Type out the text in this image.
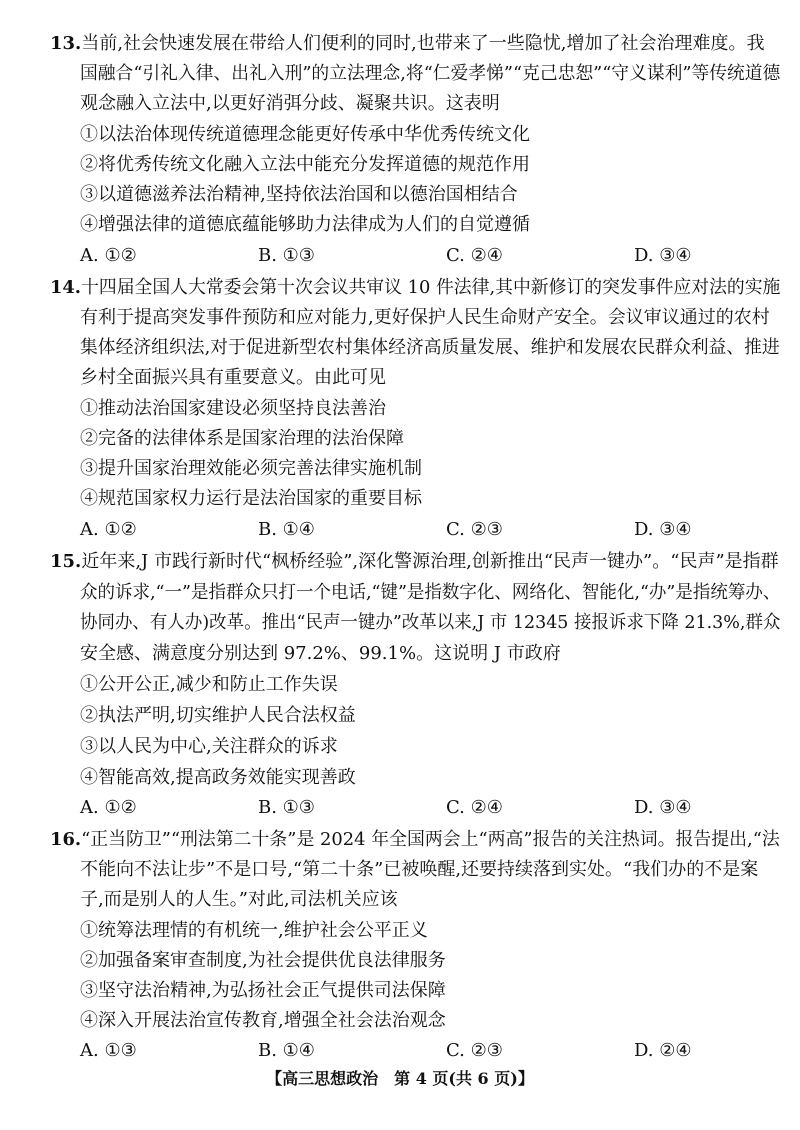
13.当前,社会快速发展在带给人们便利的同时,也带来了一些隐忧,增加了社会治理难度。我
国融合“引礼入律、出礼入刑”的立法理念,将“仁爱孝悌”“克己忠恕”“守义谋利”等传统道德
观念融入立法中,以更好消弭分歧、凝聚共识。这表明
①以法治体现传统道德理念能更好传承中华优秀传统文化
②将优秀传统文化融入立法中能充分发挥道德的规范作用
③以道德滋养法治精神,坚持依法治国和以德治国相结合
④增强法律的道德底蕴能够助力法律成为人们的自觉遵循
A. ①②	B. ①③	C. ②④	D. ③④
14.十四届全国人大常委会第十次会议共审议 10 件法律,其中新修订的突发事件应对法的实施
有利于提高突发事件预防和应对能力,更好保护人民生命财产安全。会议审议通过的农村
集体经济组织法,对于促进新型农村集体经济高质量发展、维护和发展农民群众利益、推进
乡村全面振兴具有重要意义。由此可见
①推动法治国家建设必须坚持良法善治
②完备的法律体系是国家治理的法治保障
③提升国家治理效能必须完善法律实施机制
④规范国家权力运行是法治国家的重要目标
A. ①②	B. ①④	C. ②③	D. ③④
15.近年来,J 市践行新时代“枫桥经验”,深化警源治理,创新推出“民声一键办”。“民声”是指群
众的诉求,“一”是指群众只打一个电话,“键”是指数字化、网络化、智能化,“办”是指统筹办、
协同办、有人办)改革。推出“民声一键办”改革以来,J 市 12345 接报诉求下降 21.3%,群众
安全感、满意度分别达到 97.2%、99.1%。这说明 J 市政府
①公开公正,减少和防止工作失误
②执法严明,切实维护人民合法权益
③以人民为中心,关注群众的诉求
④智能高效,提高政务效能实现善政
A. ①②	B. ①③	C. ②④	D. ③④
16.“正当防卫”“刑法第二十条”是 2024 年全国两会上“两高”报告的关注热词。报告提出,“法
不能向不法让步”不是口号,“第二十条”已被唤醒,还要持续落到实处。“我们办的不是案
子,而是别人的人生。”对此,司法机关应该
①统筹法理情的有机统一,维护社会公平正义
②加强备案审查制度,为社会提供优良法律服务
③坚守法治精神,为弘扬社会正气提供司法保障
④深入开展法治宣传教育,增强全社会法治观念
A. ①③	B. ①④	C. ②③	D. ②④
【高三思想政治　第 4 页(共 6 页)】
